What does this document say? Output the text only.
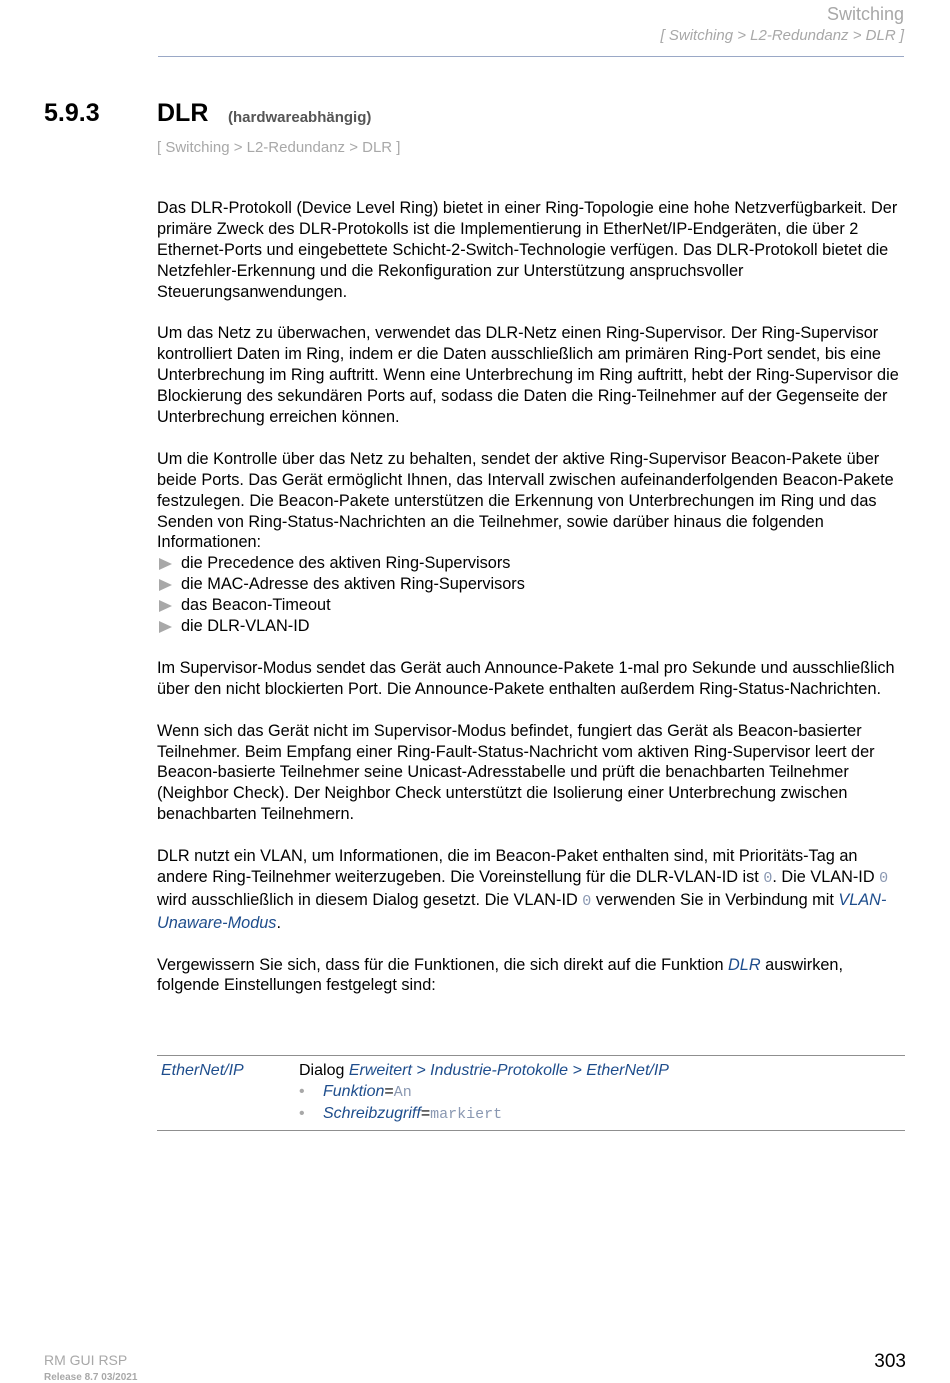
Switching
[ Switching > L2-Redundanz > DLR ]
5.9.3 DLR (hardwareabhängig)
[ Switching > L2-Redundanz > DLR ]

Das DLR-Protokoll (Device Level Ring) bietet in einer Ring-Topologie eine hohe Netzverfügbarkeit. Der primäre Zweck des DLR-Protokolls ist die Implementierung in EtherNet/IP-Endgeräten, die über 2 Ethernet-Ports und eingebettete Schicht-2-Switch-Technologie verfügen. Das DLR-Protokoll bietet die Netzfehler-Erkennung und die Rekonfiguration zur Unterstützung anspruchsvoller Steuerungsanwendungen.

Um das Netz zu überwachen, verwendet das DLR-Netz einen Ring-Supervisor. Der Ring-Supervisor kontrolliert Daten im Ring, indem er die Daten ausschließlich am primären Ring-Port sendet, bis eine Unterbrechung im Ring auftritt. Wenn eine Unterbrechung im Ring auftritt, hebt der Ring-Supervisor die Blockierung des sekundären Ports auf, sodass die Daten die Ring-Teilnehmer auf der Gegenseite der Unterbrechung erreichen können.

Um die Kontrolle über das Netz zu behalten, sendet der aktive Ring-Supervisor Beacon-Pakete über beide Ports. Das Gerät ermöglicht Ihnen, das Intervall zwischen aufeinanderfolgenden Beacon-Pakete festzulegen. Die Beacon-Pakete unterstützen die Erkennung von Unterbrechungen im Ring und das Senden von Ring-Status-Nachrichten an die Teilnehmer, sowie darüber hinaus die folgenden Informationen:

die Precedence des aktiven Ring-Supervisors
die MAC-Adresse des aktiven Ring-Supervisors
das Beacon-Timeout
die DLR-VLAN-ID

Im Supervisor-Modus sendet das Gerät auch Announce-Pakete 1-mal pro Sekunde und ausschließlich über den nicht blockierten Port. Die Announce-Pakete enthalten außerdem Ring-Status-Nachrichten.

Wenn sich das Gerät nicht im Supervisor-Modus befindet, fungiert das Gerät als Beacon-basierter Teilnehmer. Beim Empfang einer Ring-Fault-Status-Nachricht vom aktiven Ring-Supervisor leert der Beacon-basierte Teilnehmer seine Unicast-Adresstabelle und prüft die benachbarten Teilnehmer (Neighbor Check). Der Neighbor Check unterstützt die Isolierung einer Unterbrechung zwischen benachbarten Teilnehmern.

DLR nutzt ein VLAN, um Informationen, die im Beacon-Paket enthalten sind, mit Prioritäts-Tag an andere Ring-Teilnehmer weiterzugeben. Die Voreinstellung für die DLR-VLAN-ID ist 0. Die VLAN-ID 0 wird ausschließlich in diesem Dialog gesetzt. Die VLAN-ID 0 verwenden Sie in Verbindung mit VLAN-Unaware-Modus.

Vergewissern Sie sich, dass für die Funktionen, die sich direkt auf die Funktion DLR auswirken, folgende Einstellungen festgelegt sind:

EtherNet/IP	Dialog Erweitert > Industrie-Protokolle > EtherNet/IP
• Funktion=An
• Schreibzugriff=markiert
RM GUI RSP
Release 8.7 03/2021
303
